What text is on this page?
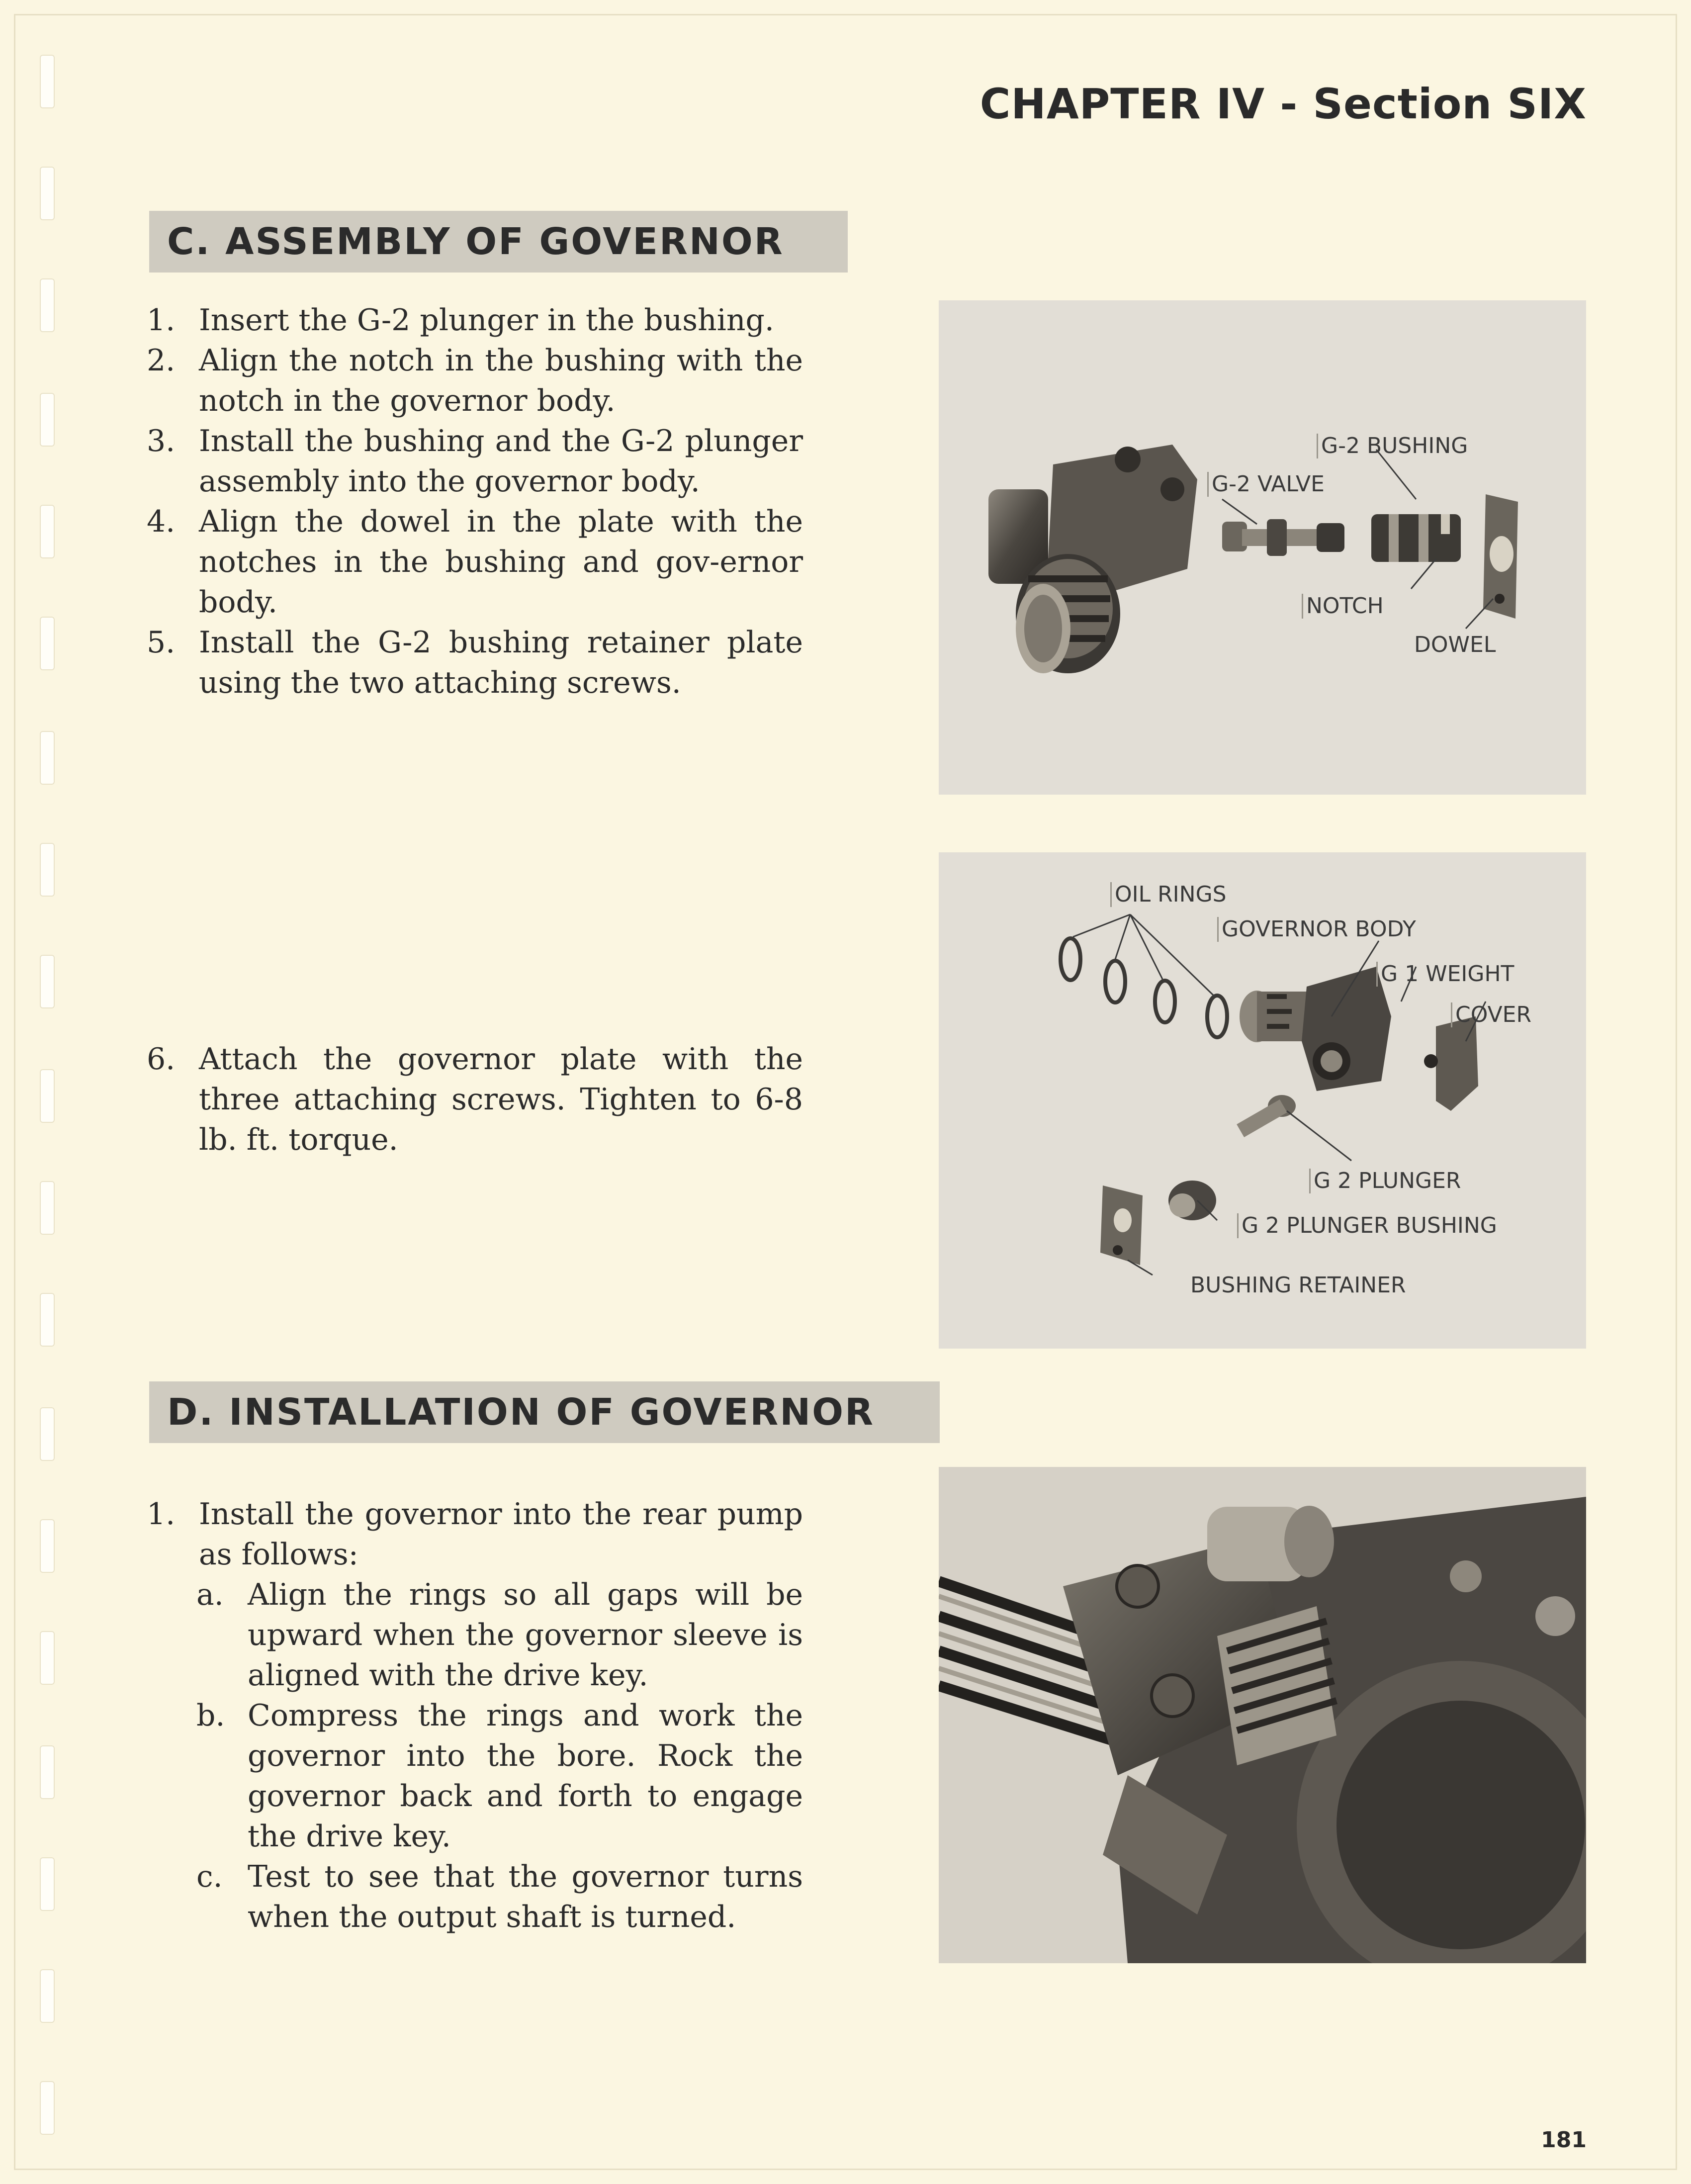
CHAPTER IV - Section SIX
C. ASSEMBLY OF GOVERNOR
1. Insert the G-2 plunger in the bushing.
2. Align the notch in the bushing with the notch in the governor body.
3. Install the bushing and the G-2 plunger assembly into the governor body.
4. Align the dowel in the plate with the notches in the bushing and gov-ernor body.
5. Install the G-2 bushing retainer plate using the two attaching screws.
6. Attach the governor plate with the three attaching screws. Tighten to 6-8 lb. ft. torque.
G-2 BUSHING
G-2 VALVE
NOTCH
DOWEL
OIL RINGS
GOVERNOR BODY
G 1 WEIGHT
COVER
G 2 PLUNGER
G 2 PLUNGER BUSHING
BUSHING RETAINER
D. INSTALLATION OF GOVERNOR
1. Install the governor into the rear pump as follows:
a. Align the rings so all gaps will be upward when the governor sleeve is aligned with the drive key.
b. Compress the rings and work the governor into the bore. Rock the governor back and forth to engage the drive key.
c. Test to see that the governor turns when the output shaft is turned.
181
